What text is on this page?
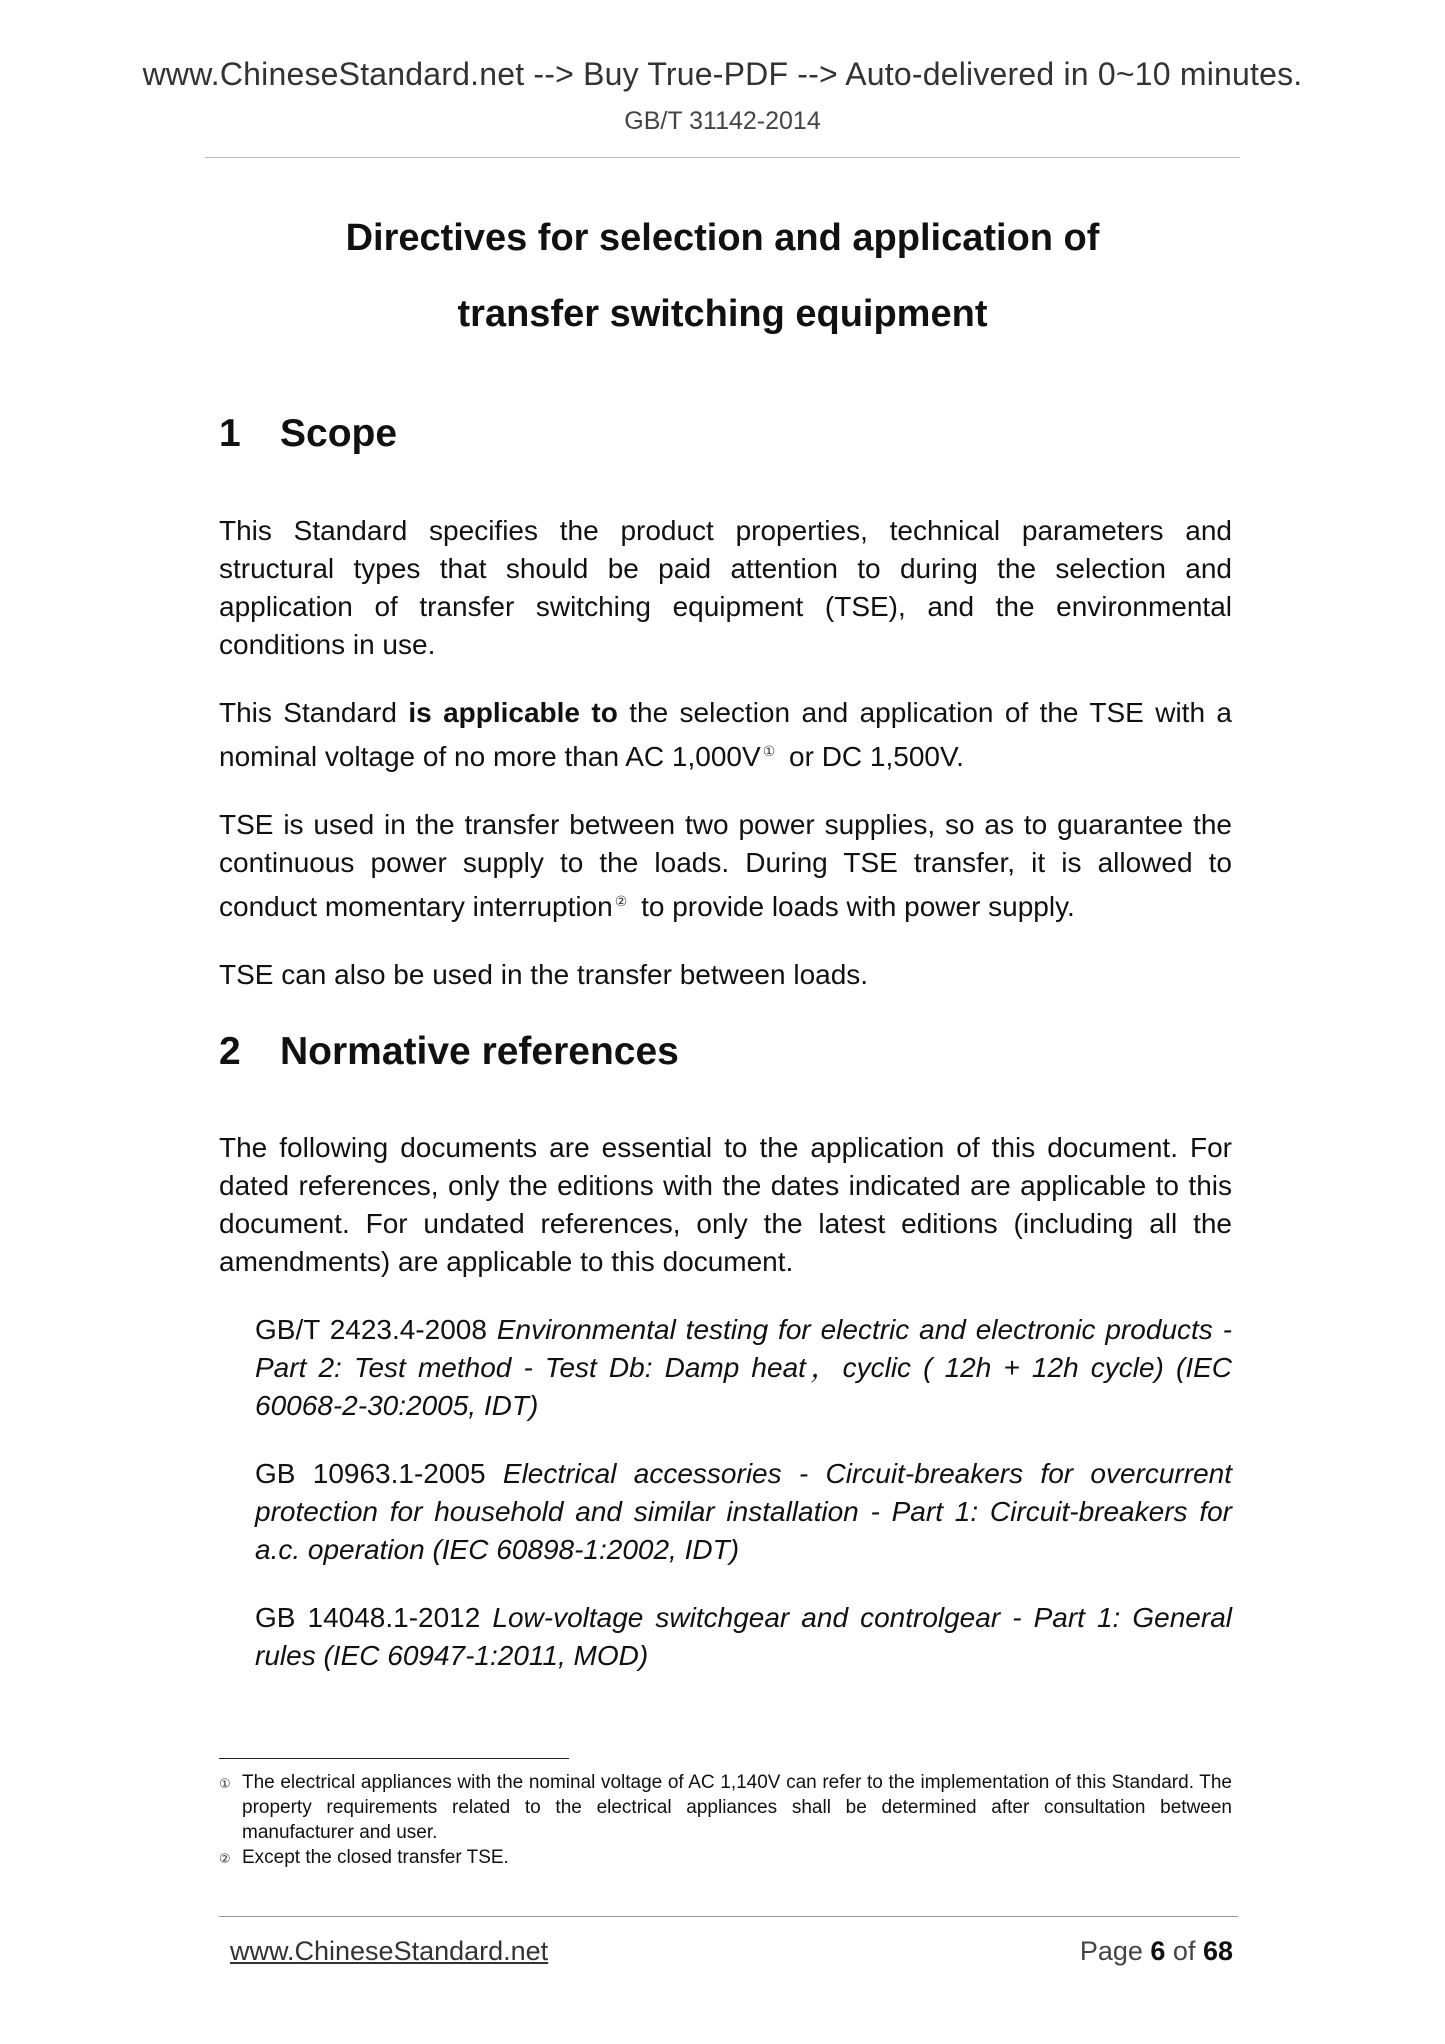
www.ChineseStandard.net --> Buy True-PDF --> Auto-delivered in 0~10 minutes.
GB/T 31142-2014
Directives for selection and application of
transfer switching equipment
1 Scope

This Standard specifies the product properties, technical parameters and structural types that should be paid attention to during the selection and application of transfer switching equipment (TSE), and the environmental conditions in use.

This Standard is applicable to the selection and application of the TSE with a nominal voltage of no more than AC 1,000V ① or DC 1,500V.

TSE is used in the transfer between two power supplies, so as to guarantee the continuous power supply to the loads. During TSE transfer, it is allowed to conduct momentary interruption ② to provide loads with power supply.

TSE can also be used in the transfer between loads.

2 Normative references

The following documents are essential to the application of this document. For dated references, only the editions with the dates indicated are applicable to this document. For undated references, only the latest editions (including all the amendments) are applicable to this document.

GB/T 2423.4-2008 Environmental testing for electric and electronic products - Part 2: Test method - Test Db: Damp heat，cyclic ( 12h + 12h cycle) (IEC 60068-2-30:2005, IDT)

GB 10963.1-2005 Electrical accessories - Circuit-breakers for overcurrent protection for household and similar installation - Part 1: Circuit-breakers for a.c. operation (IEC 60898-1:2002, IDT)

GB 14048.1-2012 Low-voltage switchgear and controlgear - Part 1: General rules (IEC 60947-1:2011, MOD)

① The electrical appliances with the nominal voltage of AC 1,140V can refer to the implementation of this Standard. The property requirements related to the electrical appliances shall be determined after consultation between manufacturer and user.
② Except the closed transfer TSE.
www.ChineseStandard.net	Page 6 of 68
